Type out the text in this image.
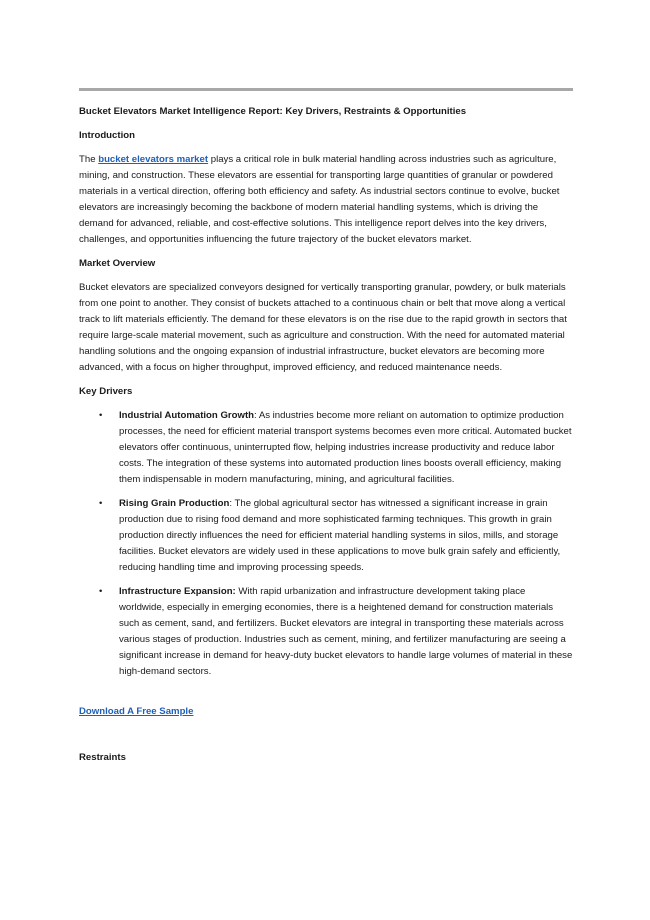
Bucket Elevators Market Intelligence Report: Key Drivers, Restraints & Opportunities

Introduction

The bucket elevators market plays a critical role in bulk material handling across industries such as agriculture, mining, and construction. These elevators are essential for transporting large quantities of granular or powdered materials in a vertical direction, offering both efficiency and safety. As industrial sectors continue to evolve, bucket elevators are increasingly becoming the backbone of modern material handling systems, which is driving the demand for advanced, reliable, and cost-effective solutions. This intelligence report delves into the key drivers, challenges, and opportunities influencing the future trajectory of the bucket elevators market.

Market Overview

Bucket elevators are specialized conveyors designed for vertically transporting granular, powdery, or bulk materials from one point to another. They consist of buckets attached to a continuous chain or belt that move along a vertical track to lift materials efficiently. The demand for these elevators is on the rise due to the rapid growth in sectors that require large-scale material movement, such as agriculture and construction. With the need for automated material handling solutions and the ongoing expansion of industrial infrastructure, bucket elevators are becoming more advanced, with a focus on higher throughput, improved efficiency, and reduced maintenance needs.

Key Drivers

• Industrial Automation Growth: As industries become more reliant on automation to optimize production processes, the need for efficient material transport systems becomes even more critical. Automated bucket elevators offer continuous, uninterrupted flow, helping industries increase productivity and reduce labor costs. The integration of these systems into automated production lines boosts overall efficiency, making them indispensable in modern manufacturing, mining, and agricultural facilities.
• Rising Grain Production: The global agricultural sector has witnessed a significant increase in grain production due to rising food demand and more sophisticated farming techniques. This growth in grain production directly influences the need for efficient material handling systems in silos, mills, and storage facilities. Bucket elevators are widely used in these applications to move bulk grain safely and efficiently, reducing handling time and improving processing speeds.
• Infrastructure Expansion: With rapid urbanization and infrastructure development taking place worldwide, especially in emerging economies, there is a heightened demand for construction materials such as cement, sand, and fertilizers. Bucket elevators are integral in transporting these materials across various stages of production. Industries such as cement, mining, and fertilizer manufacturing are seeing a significant increase in demand for heavy-duty bucket elevators to handle large volumes of material in these high-demand sectors.

Download A Free Sample

Restraints
